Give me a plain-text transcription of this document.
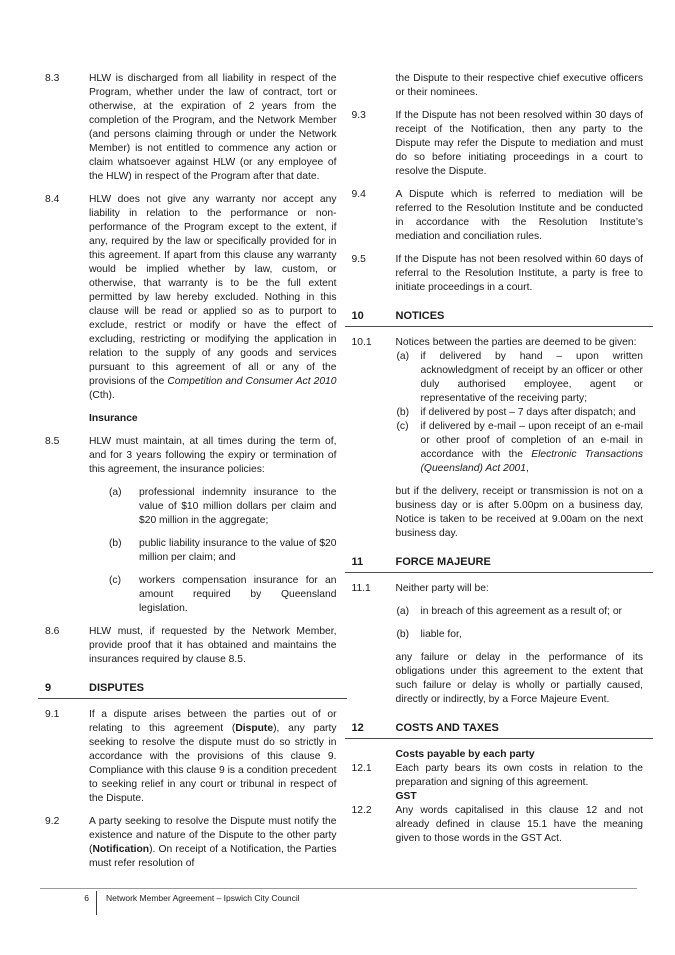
8.3	HLW is discharged from all liability in respect of the Program, whether under the law of contract, tort or otherwise, at the expiration of 2 years from the completion of the Program, and the Network Member (and persons claiming through or under the Network Member) is not entitled to commence any action or claim whatsoever against HLW (or any employee of the HLW) in respect of the Program after that date.
8.4	HLW does not give any warranty nor accept any liability in relation to the performance or non-performance of the Program except to the extent, if any, required by the law or specifically provided for in this agreement. If apart from this clause any warranty would be implied whether by law, custom, or otherwise, that warranty is to be the full extent permitted by law hereby excluded. Nothing in this clause will be read or applied so as to purport to exclude, restrict or modify or have the effect of excluding, restricting or modifying the application in relation to the supply of any goods and services pursuant to this agreement of all or any of the provisions of the Competition and Consumer Act 2010 (Cth).
Insurance
8.5	HLW must maintain, at all times during the term of, and for 3 years following the expiry or termination of this agreement, the insurance policies:
(a)	professional indemnity insurance to the value of $10 million dollars per claim and $20 million in the aggregate;
(b)	public liability insurance to the value of $20 million per claim; and
(c)	workers compensation insurance for an amount required by Queensland legislation.
8.6	HLW must, if requested by the Network Member, provide proof that it has obtained and maintains the insurances required by clause 8.5.
9	DISPUTES
9.1	If a dispute arises between the parties out of or relating to this agreement (Dispute), any party seeking to resolve the dispute must do so strictly in accordance with the provisions of this clause 9. Compliance with this clause 9 is a condition precedent to seeking relief in any court or tribunal in respect of the Dispute.
9.2	A party seeking to resolve the Dispute must notify the existence and nature of the Dispute to the other party (Notification). On receipt of a Notification, the Parties must refer resolution of
the Dispute to their respective chief executive officers or their nominees.
9.3	If the Dispute has not been resolved within 30 days of receipt of the Notification, then any party to the Dispute may refer the Dispute to mediation and must do so before initiating proceedings in a court to resolve the Dispute.
9.4	A Dispute which is referred to mediation will be referred to the Resolution Institute and be conducted in accordance with the Resolution Institute’s mediation and conciliation rules.
9.5	If the Dispute has not been resolved within 60 days of referral to the Resolution Institute, a party is free to initiate proceedings in a court.
10	NOTICES
10.1	Notices between the parties are deemed to be given:
(a)	if delivered by hand – upon written acknowledgment of receipt by an officer or other duly authorised employee, agent or representative of the receiving party;
(b)	if delivered by post – 7 days after dispatch; and
(c)	if delivered by e-mail – upon receipt of an e-mail or other proof of completion of an e-mail in accordance with the Electronic Transactions (Queensland) Act 2001,
but if the delivery, receipt or transmission is not on a business day or is after 5.00pm on a business day, Notice is taken to be received at 9.00am on the next business day.
11	FORCE MAJEURE
11.1	Neither party will be:
(a)	in breach of this agreement as a result of; or
(b)	liable for,
any failure or delay in the performance of its obligations under this agreement to the extent that such failure or delay is wholly or partially caused, directly or indirectly, by a Force Majeure Event.
12	COSTS AND TAXES
Costs payable by each party
12.1	Each party bears its own costs in relation to the preparation and signing of this agreement.
GST
12.2	Any words capitalised in this clause 12 and not already defined in clause 15.1 have the meaning given to those words in the GST Act.
6	Network Member Agreement – Ipswich City Council
